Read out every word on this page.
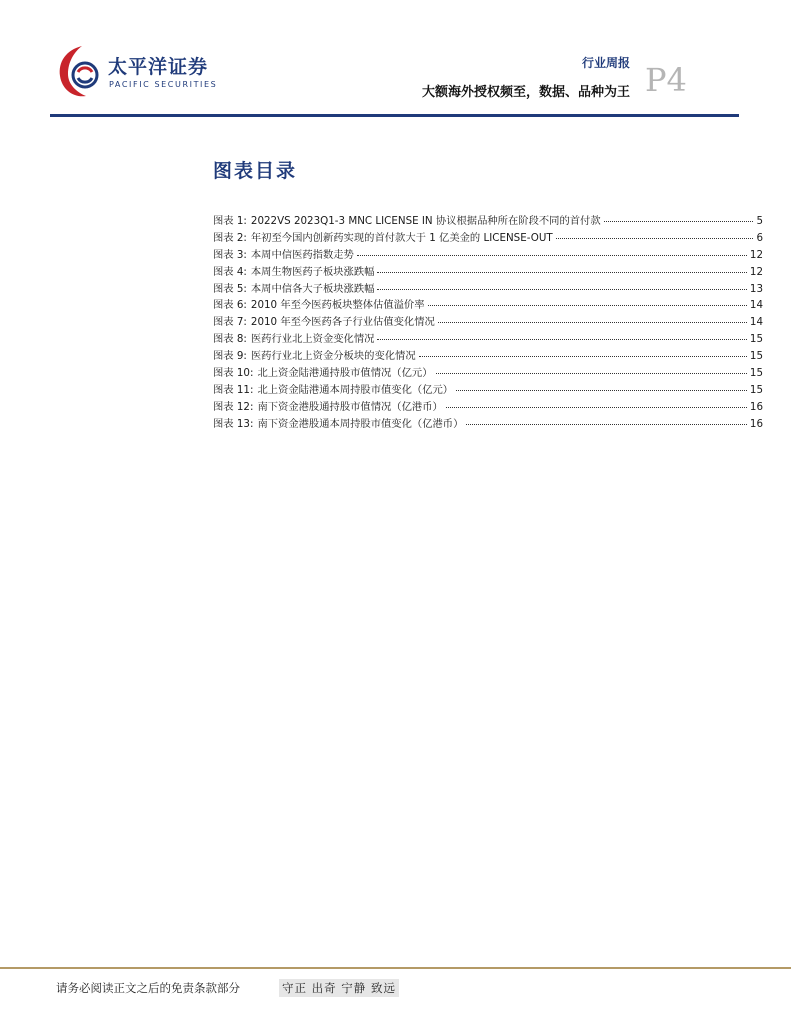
太平洋证券
PACIFIC SECURITIES
行业周报
大额海外授权频至，数据、品种为王 P4
图表目录
图表 1: 2022VS 2023Q1-3 MNC LICENSE IN 协议根据品种所在阶段不同的首付款	5
图表 2: 年初至今国内创新药实现的首付款大于 1 亿美金的 LICENSE-OUT	6
图表 3: 本周中信医药指数走势	12
图表 4: 本周生物医药子板块涨跌幅	12
图表 5: 本周中信各大子板块涨跌幅	13
图表 6: 2010 年至今医药板块整体估值溢价率	14
图表 7: 2010 年至今医药各子行业估值变化情况	14
图表 8: 医药行业北上资金变化情况	15
图表 9: 医药行业北上资金分板块的变化情况	15
图表 10: 北上资金陆港通持股市值情况（亿元）	15
图表 11: 北上资金陆港通本周持股市值变化（亿元）	15
图表 12: 南下资金港股通持股市值情况（亿港币）	16
图表 13: 南下资金港股通本周持股市值变化（亿港币）	16
请务必阅读正文之后的免责条款部分	守正 出奇 宁静 致远
